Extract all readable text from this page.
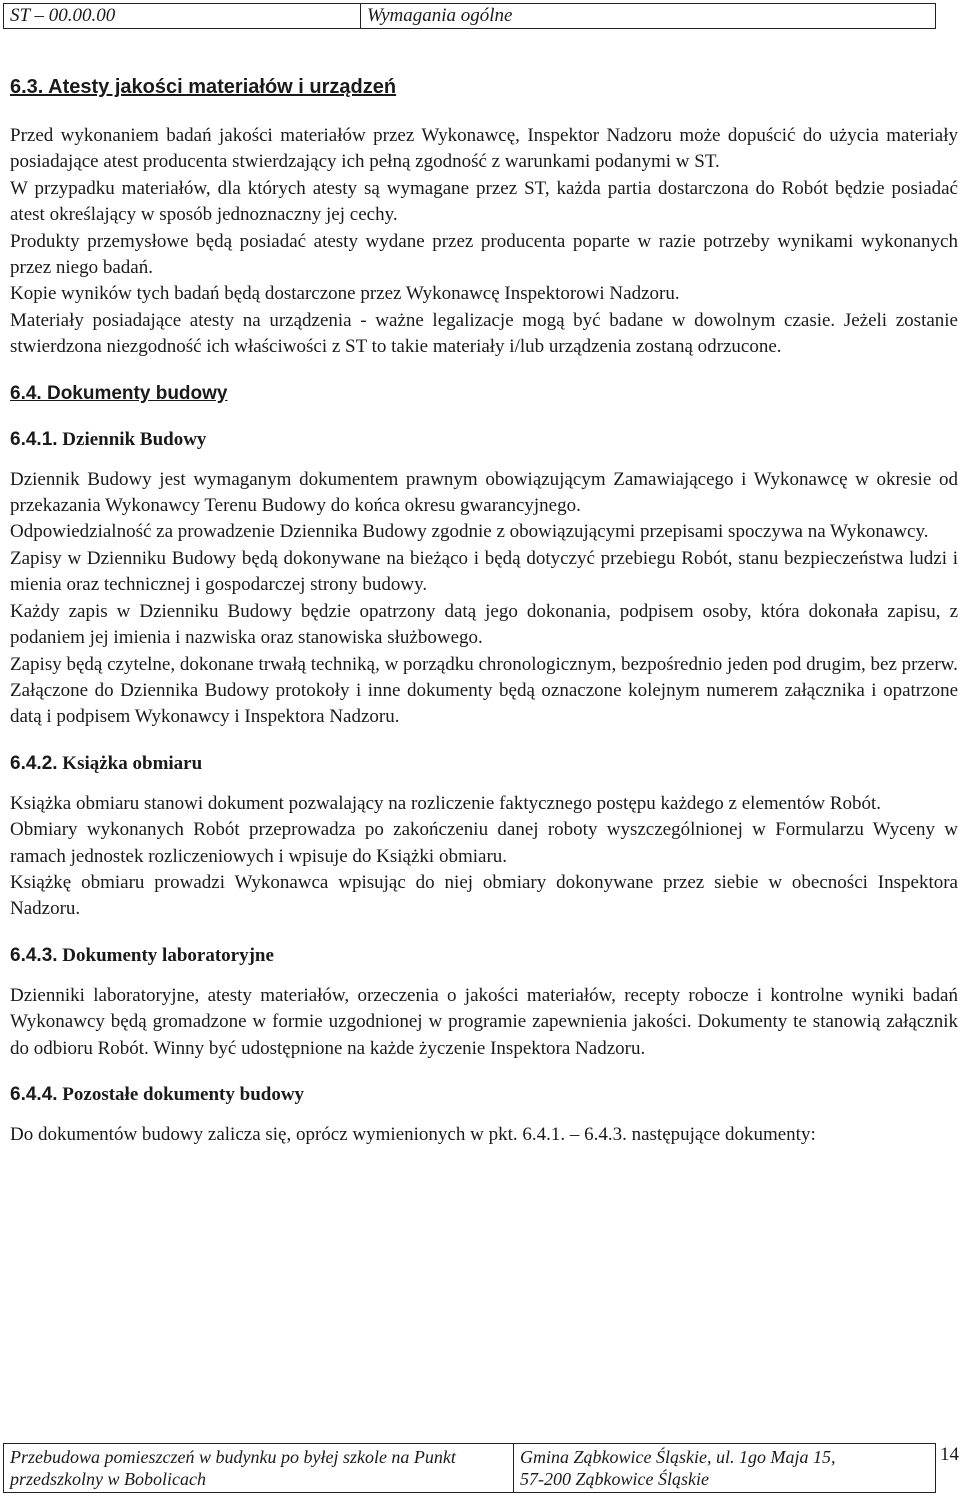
ST – 00.00.00	Wymagania ogólne
6.3. Atesty jakości materiałów i urządzeń

Przed wykonaniem badań jakości materiałów przez Wykonawcę, Inspektor Nadzoru może dopuścić do użycia materiały posiadające atest producenta stwierdzający ich pełną zgodność z warunkami podanymi w ST.

W przypadku materiałów, dla których atesty są wymagane przez ST, każda partia dostarczona do Robót będzie posiadać atest określający w sposób jednoznaczny jej cechy.

Produkty przemysłowe będą posiadać atesty wydane przez producenta poparte w razie potrzeby wynikami wykonanych przez niego badań.

Kopie wyników tych badań będą dostarczone przez Wykonawcę Inspektorowi Nadzoru.

Materiały posiadające atesty na urządzenia - ważne legalizacje mogą być badane w dowolnym czasie. Jeżeli zostanie stwierdzona niezgodność ich właściwości z ST to takie materiały i/lub urządzenia zostaną odrzucone.

6.4. Dokumenty budowy
6.4.1. Dziennik Budowy

Dziennik Budowy jest wymaganym dokumentem prawnym obowiązującym Zamawiającego i Wykonawcę w okresie od przekazania Wykonawcy Terenu Budowy do końca okresu gwarancyjnego.

Odpowiedzialność za prowadzenie Dziennika Budowy zgodnie z obowiązującymi przepisami spoczywa na Wykonawcy.

Zapisy w Dzienniku Budowy będą dokonywane na bieżąco i będą dotyczyć przebiegu Robót, stanu bezpieczeństwa ludzi i mienia oraz technicznej i gospodarczej strony budowy.

Każdy zapis w Dzienniku Budowy będzie opatrzony datą jego dokonania, podpisem osoby, która dokonała zapisu, z podaniem jej imienia i nazwiska oraz stanowiska służbowego.

Zapisy będą czytelne, dokonane trwałą techniką, w porządku chronologicznym, bezpośrednio jeden pod drugim, bez przerw.

Załączone do Dziennika Budowy protokoły i inne dokumenty będą oznaczone kolejnym numerem załącznika i opatrzone datą i podpisem Wykonawcy i Inspektora Nadzoru.

6.4.2. Książka obmiaru

Książka obmiaru stanowi dokument pozwalający na rozliczenie faktycznego postępu każdego z elementów Robót.

Obmiary wykonanych Robót przeprowadza po zakończeniu danej roboty wyszczególnionej w Formularzu Wyceny w ramach jednostek rozliczeniowych i wpisuje do Książki obmiaru.

Książkę obmiaru prowadzi Wykonawca wpisując do niej obmiary dokonywane przez siebie w obecności Inspektora Nadzoru.

6.4.3. Dokumenty laboratoryjne

Dzienniki laboratoryjne, atesty materiałów, orzeczenia o jakości materiałów, recepty robocze i kontrolne wyniki badań Wykonawcy będą gromadzone w formie uzgodnionej w programie zapewnienia jakości. Dokumenty te stanowią załącznik do odbioru Robót. Winny być udostępnione na każde życzenie Inspektora Nadzoru.

6.4.4. Pozostałe dokumenty budowy

Do dokumentów budowy zalicza się, oprócz wymienionych w pkt. 6.4.1. – 6.4.3. następujące dokumenty:

Przebudowa pomieszczeń w budynku po byłej szkole na Punkt
przedszkolny w Bobolicach
Gmina Ząbkowice Śląskie, ul. 1go Maja 15,
57-200 Ząbkowice Śląskie
14
